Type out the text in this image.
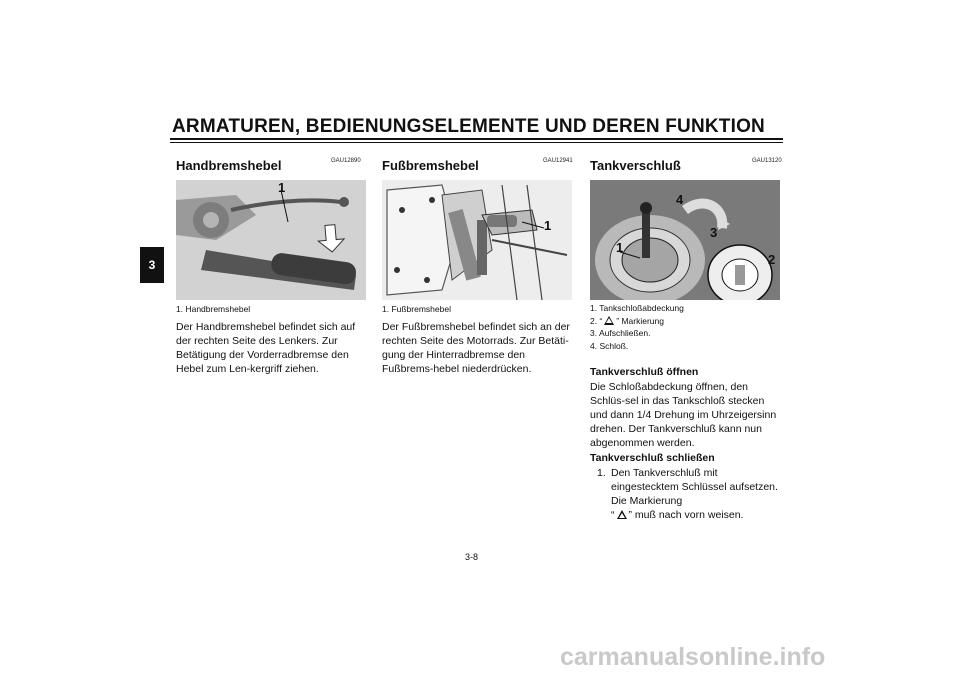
ARMATUREN, BEDIENUNGSELEMENTE UND DEREN FUNKTION
3
GAU12890
Handbremshebel
1
1. Handbremshebel
Der Handbremshebel befindet sich auf der rechten Seite des Lenkers. Zur Betätigung der Vorderradbremse den Hebel zum Len-kergriff ziehen.
GAU12941
Fußbremshebel
1
1. Fußbremshebel
Der Fußbremshebel befindet sich an der rechten Seite des Motorrads. Zur Betäti-gung der Hinterradbremse den Fußbrems-hebel niederdrücken.
GAU13120
Tankverschluß
4
3
1
2
1. Tankschloßabdeckung
2. “ ” Markierung
3. Aufschließen.
4. Schloß.
Tankverschluß öffnen
Die Schloßabdeckung öffnen, den Schlüs-sel in das Tankschloß stecken und dann 1/4 Drehung im Uhrzeigersinn drehen. Der Tankverschluß kann nun abgenommen werden.
Tankverschluß schließen
1. Den Tankverschluß mit eingestecktem Schlüssel aufsetzen. Die Markierung
“ ” muß nach vorn weisen.
3-8
carmanualsonline.info
